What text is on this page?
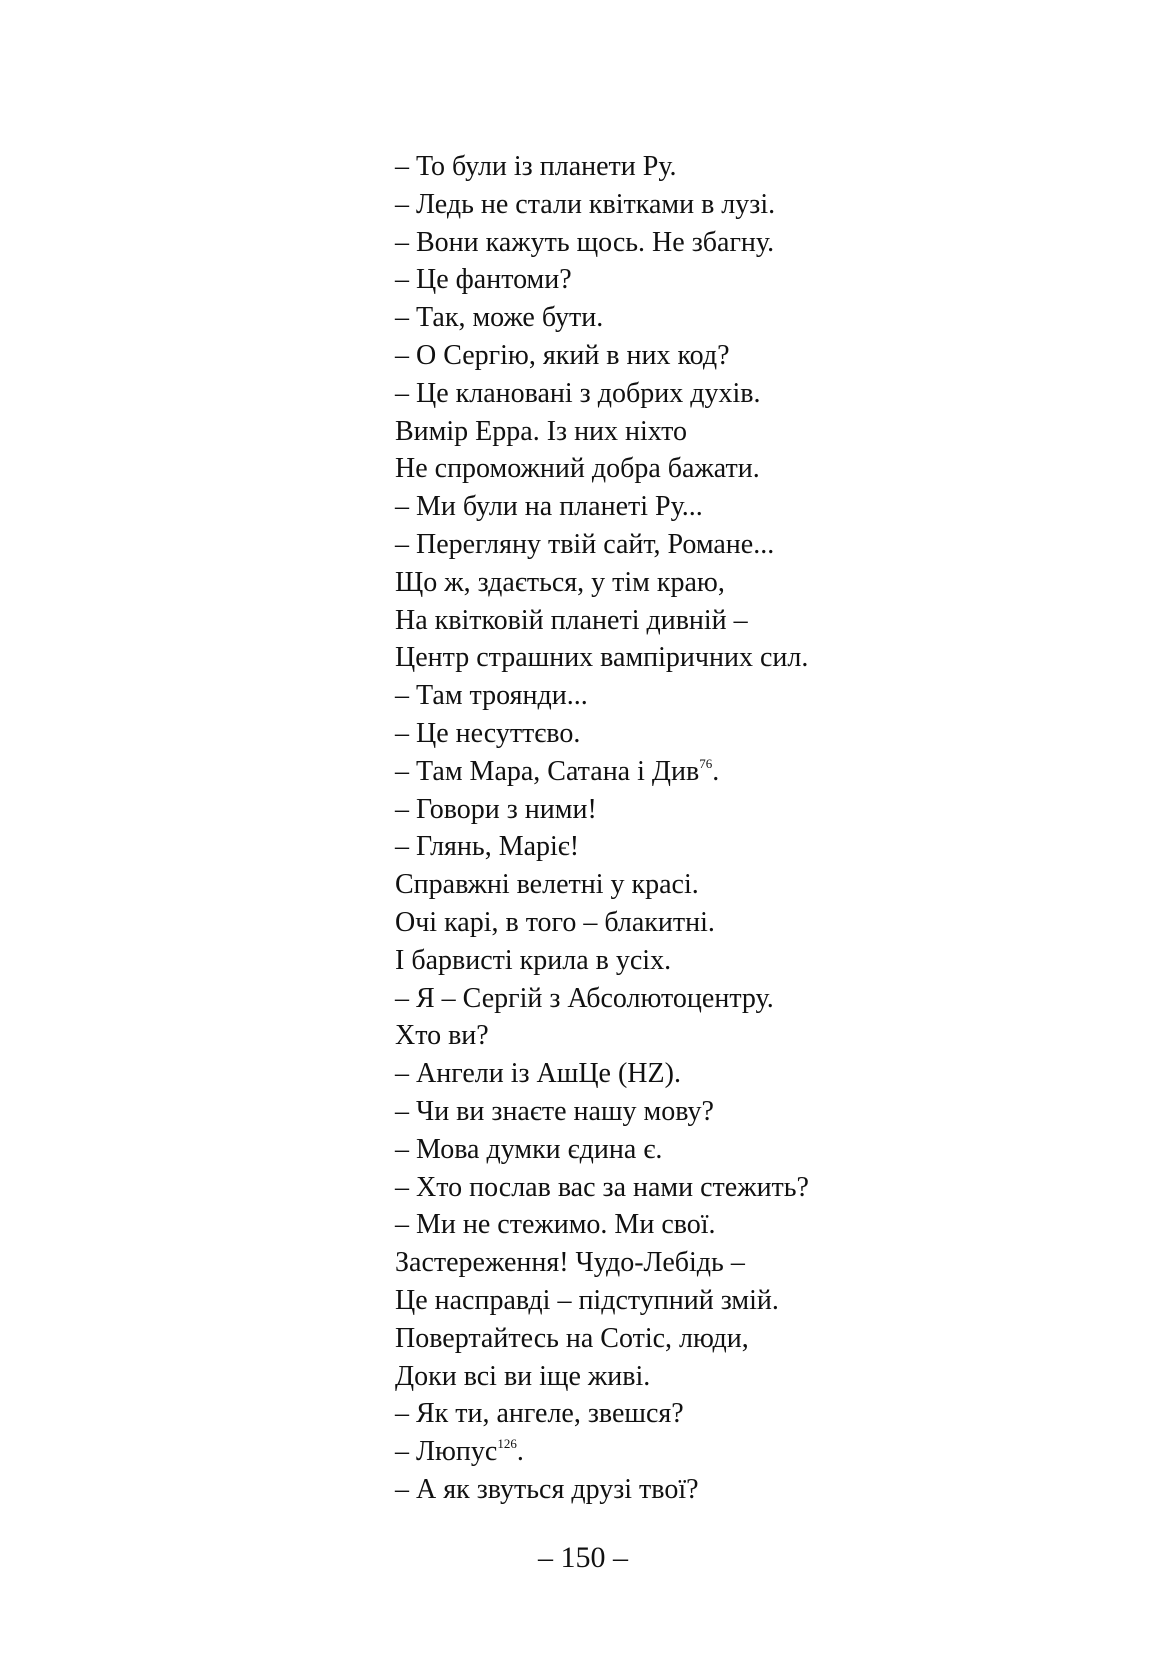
– То були із планети Ру.
– Ледь не стали квітками в лузі.
– Вони кажуть щось. Не збагну.
– Це фантоми?
– Так, може бути.
– О Сергію, який в них код?
– Це клановані з добрих духів.
Вимір Ерра. Із них ніхто
Не спроможний добра бажати.
– Ми були на планеті Ру...
– Переглянy твій сайт, Романе...
Що ж, здається, у тім краю,
На квітковій планеті дивній –
Центр страшних вампіричних сил.
– Там троянди...
– Це несуттєво.
– Там Мара, Сатана і Див$^{76}$.
– Говори з ними!
– Глянь, Маріє!
Справжні велетні у красі.
Очі карі, в того – блакитні.
І барвисті крила в усіх.
– Я – Сергій з Абсолютоцентру.
Хто ви?
– Ангели із АшЦе (HZ).
– Чи ви знаєте нашу мову?
– Мова думки єдина є.
– Хто послав вас за нами стежить?
– Ми не стежимо. Ми свої.
Застереження! Чудо-Лебідь –
Це насправді – підступний змій.
Повертайтесь на Сотіс, люди,
Доки всі ви іще живі.
– Як ти, ангеле, звешся?
– Люпус$^{126}$.
– А як звуться друзі твої?
– 150 –
